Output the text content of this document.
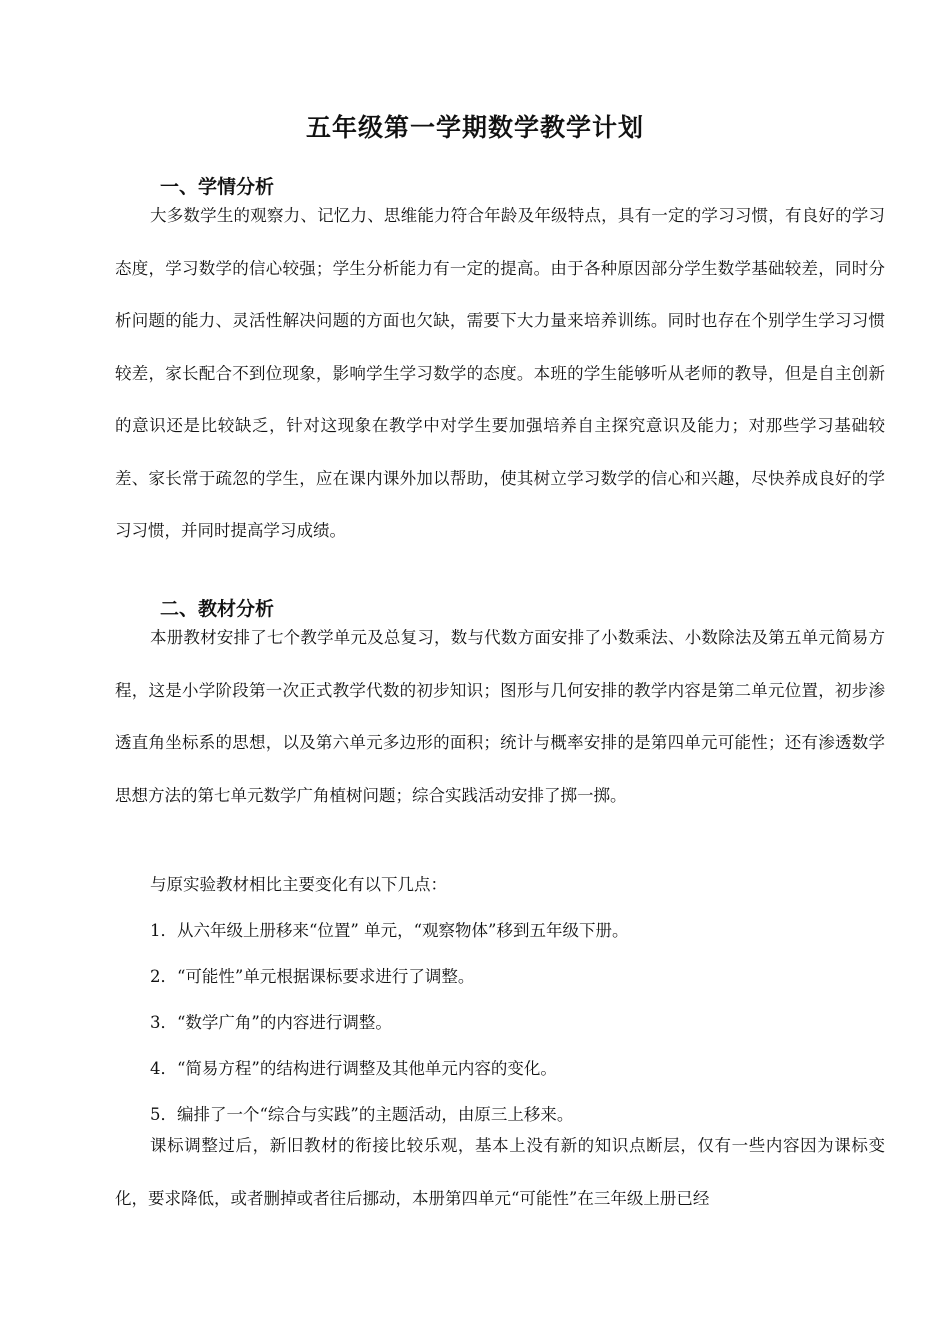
五年级第一学期数学教学计划
一、学情分析

大多数学生的观察力、记忆力、思维能力符合年龄及年级特点，具有一定的学习习惯，有良好的学习态度，学习数学的信心较强；学生分析能力有一定的提高。由于各种原因部分学生数学基础较差，同时分析问题的能力、灵活性解决问题的方面也欠缺，需要下大力量来培养训练。同时也存在个别学生学习习惯较差，家长配合不到位现象，影响学生学习数学的态度。本班的学生能够听从老师的教导，但是自主创新的意识还是比较缺乏，针对这现象在教学中对学生要加强培养自主探究意识及能力；对那些学习基础较差、家长常于疏忽的学生，应在课内课外加以帮助，使其树立学习数学的信心和兴趣，尽快养成良好的学习习惯，并同时提高学习成绩。

二、教材分析

本册教材安排了七个教学单元及总复习，数与代数方面安排了小数乘法、小数除法及第五单元简易方程，这是小学阶段第一次正式教学代数的初步知识；图形与几何安排的教学内容是第二单元位置，初步渗透直角坐标系的思想，以及第六单元多边形的面积；统计与概率安排的是第四单元可能性；还有渗透数学思想方法的第七单元数学广角植树问题；综合实践活动安排了掷一掷。

与原实验教材相比主要变化有以下几点：

1．从六年级上册移来“位置” 单元，“观察物体”移到五年级下册。

2．“可能性”单元根据课标要求进行了调整。

3．“数学广角”的内容进行调整。

4．“简易方程”的结构进行调整及其他单元内容的变化。

5．编排了一个“综合与实践”的主题活动，由原三上移来。

课标调整过后，新旧教材的衔接比较乐观，基本上没有新的知识点断层，仅有一些内容因为课标变化，要求降低，或者删掉或者往后挪动，本册第四单元“可能性”在三年级上册已经
